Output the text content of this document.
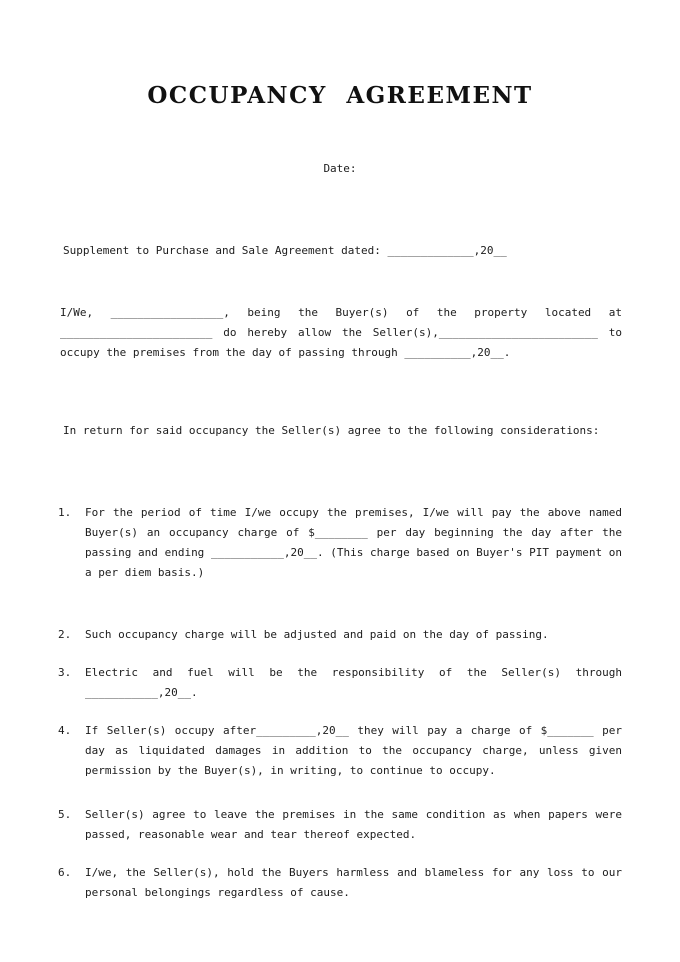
OCCUPANCY AGREEMENT
Date:
Supplement to Purchase and Sale Agreement dated: _____________,20__
I/We, _________________, being the Buyer(s) of the property located at _______________________ do hereby allow the Seller(s),________________________ to occupy the premises from the day of passing through __________,20__.
In return for said occupancy the Seller(s) agree to the following considerations:
1.	For the period of time I/we occupy the premises, I/we will pay the above named Buyer(s) an occupancy charge of $________ per day beginning the day after the passing and ending ___________,20__. (This charge based on Buyer's PIT payment on a per diem basis.)
2.	Such occupancy charge will be adjusted and paid on the day of passing.
3.	Electric and fuel will be the responsibility of the Seller(s) through ___________,20__.
4.	If Seller(s) occupy after_________,20__ they will pay a charge of $_______ per day as liquidated damages in addition to the occupancy charge, unless given permission by the Buyer(s), in writing, to continue to occupy.
5.	Seller(s) agree to leave the premises in the same condition as when papers were passed, reasonable wear and tear thereof expected.
6.	I/we, the Seller(s), hold the Buyers harmless and blameless for any loss to our personal belongings regardless of cause.
